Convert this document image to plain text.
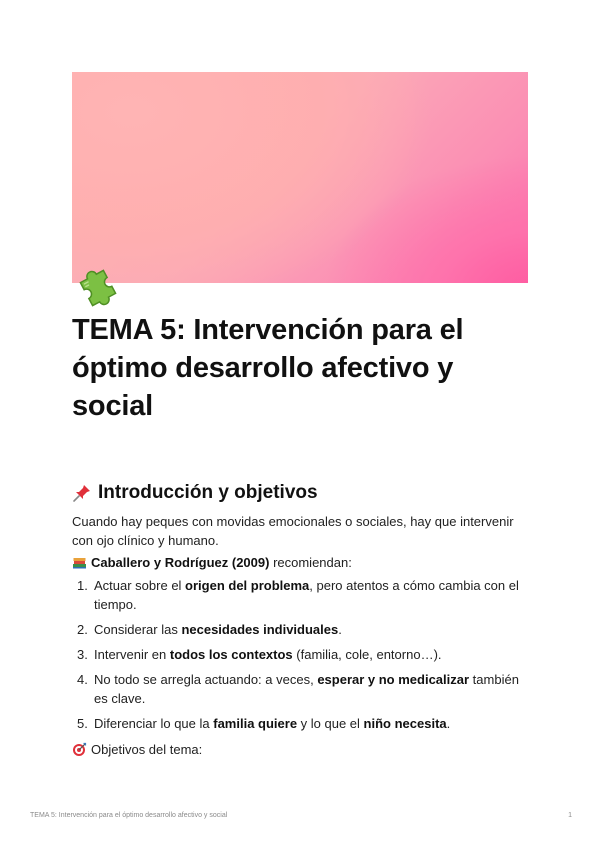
TEMA 5: Intervención para el óptimo desarrollo afectivo y social
Introducción y objetivos

Cuando hay peques con movidas emocionales o sociales, hay que intervenir con ojo clínico y humano.

Caballero y Rodríguez (2009) recomiendan:

1. Actuar sobre el origen del problema, pero atentos a cómo cambia con el tiempo.
2. Considerar las necesidades individuales.
3. Intervenir en todos los contextos (familia, cole, entorno…).
4. No todo se arregla actuando: a veces, esperar y no medicalizar también es clave.
5. Diferenciar lo que la familia quiere y lo que el niño necesita.

Objetivos del tema:

TEMA 5: Intervención para el óptimo desarrollo afectivo y social	1
